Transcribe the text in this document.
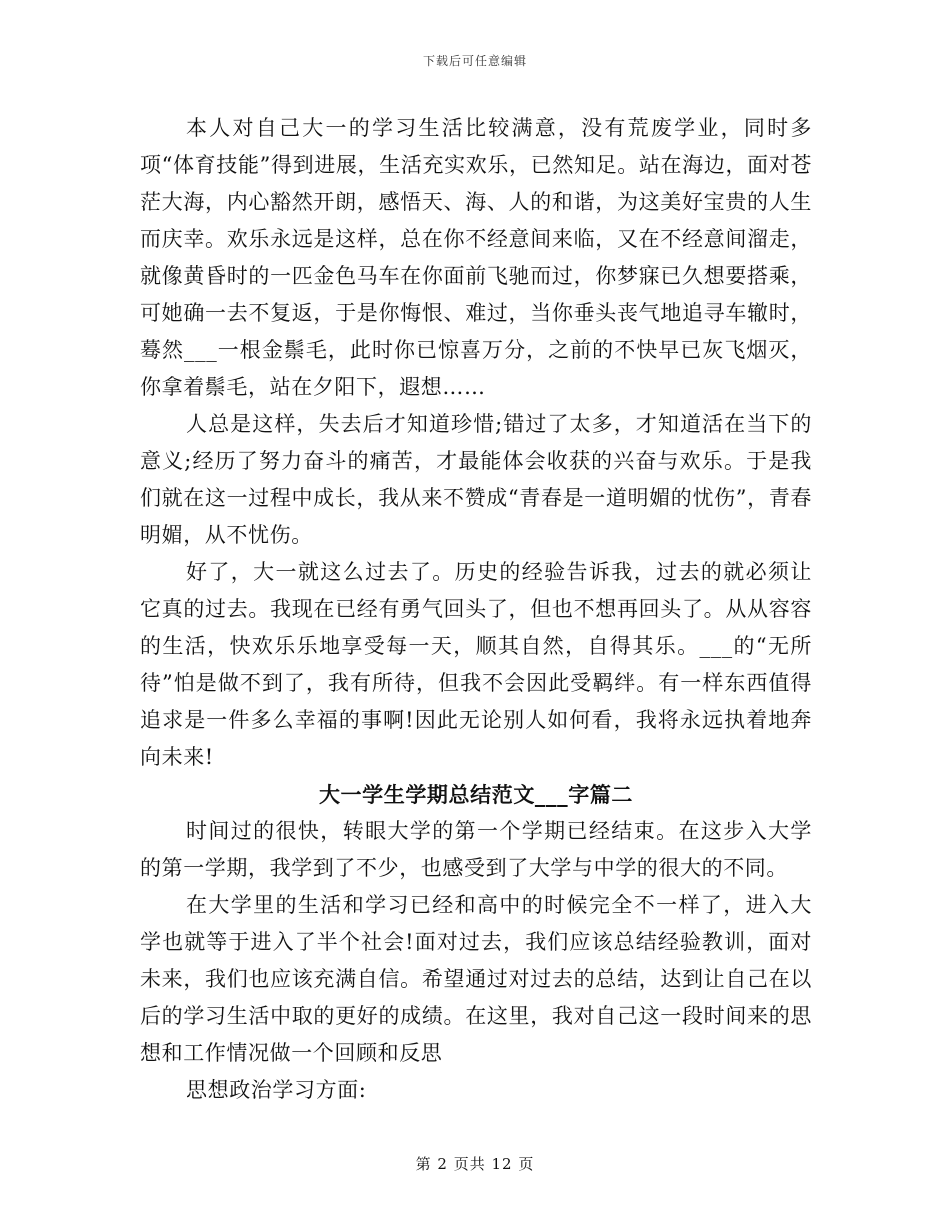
下载后可任意编辑

本人对自己大一的学习生活比较满意，没有荒废学业，同时多项“体育技能”得到进展，生活充实欢乐，已然知足。站在海边，面对苍茫大海，内心豁然开朗，感悟天、海、人的和谐，为这美好宝贵的人生而庆幸。欢乐永远是这样，总在你不经意间来临，又在不经意间溜走，就像黄昏时的一匹金色马车在你面前飞驰而过，你梦寐已久想要搭乘，可她确一去不复返，于是你悔恨、难过，当你垂头丧气地追寻车辙时，蓦然___一根金鬃毛，此时你已惊喜万分，之前的不快早已灰飞烟灭，你拿着鬃毛，站在夕阳下，遐想……

人总是这样，失去后才知道珍惜;错过了太多，才知道活在当下的意义;经历了努力奋斗的痛苦，才最能体会收获的兴奋与欢乐。于是我们就在这一过程中成长，我从来不赞成“青春是一道明媚的忧伤”，青春明媚，从不忧伤。

好了，大一就这么过去了。历史的经验告诉我，过去的就必须让它真的过去。我现在已经有勇气回头了，但也不想再回头了。从从容容的生活，快欢乐乐地享受每一天，顺其自然，自得其乐。___的“无所待”怕是做不到了，我有所待，但我不会因此受羁绊。有一样东西值得追求是一件多么幸福的事啊!因此无论别人如何看，我将永远执着地奔向未来!

大一学生学期总结范文___字篇二

时间过的很快，转眼大学的第一个学期已经结束。在这步入大学的第一学期，我学到了不少，也感受到了大学与中学的很大的不同。

在大学里的生活和学习已经和高中的时候完全不一样了，进入大学也就等于进入了半个社会!面对过去，我们应该总结经验教训，面对未来，我们也应该充满自信。希望通过对过去的总结，达到让自己在以后的学习生活中取的更好的成绩。在这里，我对自己这一段时间来的思想和工作情况做一个回顾和反思

思想政治学习方面:

第 2 页共 12 页
